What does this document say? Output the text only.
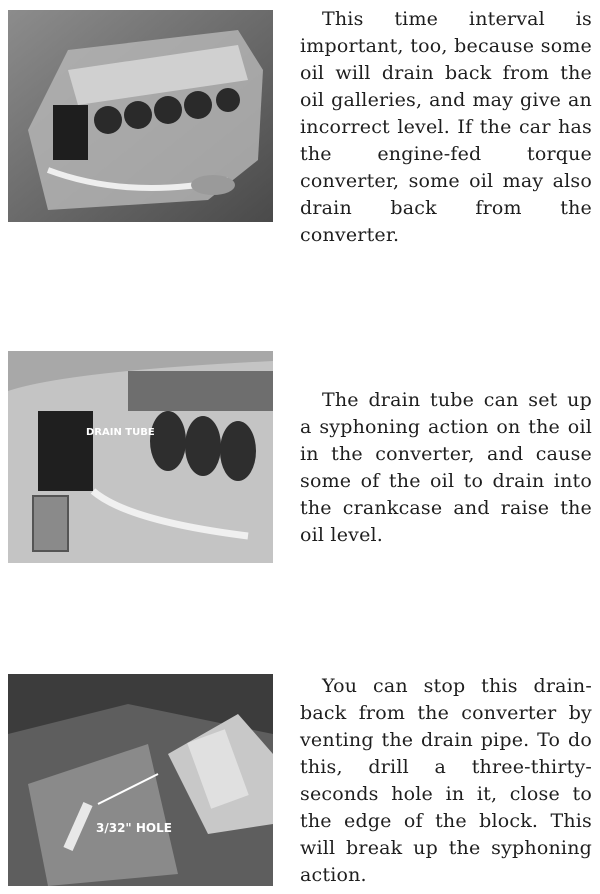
This time interval is important, too, because some oil will drain back from the oil galleries, and may give an incorrect level. If the car has the engine-fed torque converter, some oil may also drain back from the converter.

DRAIN TUBE

The drain tube can set up a syphoning action on the oil in the converter, and cause some of the oil to drain into the crankcase and raise the oil level.

3/32" HOLE

You can stop this drain-back from the converter by venting the drain pipe. To do this, drill a three-thirty-seconds hole in it, close to the edge of the block. This will break up the syphoning action.
